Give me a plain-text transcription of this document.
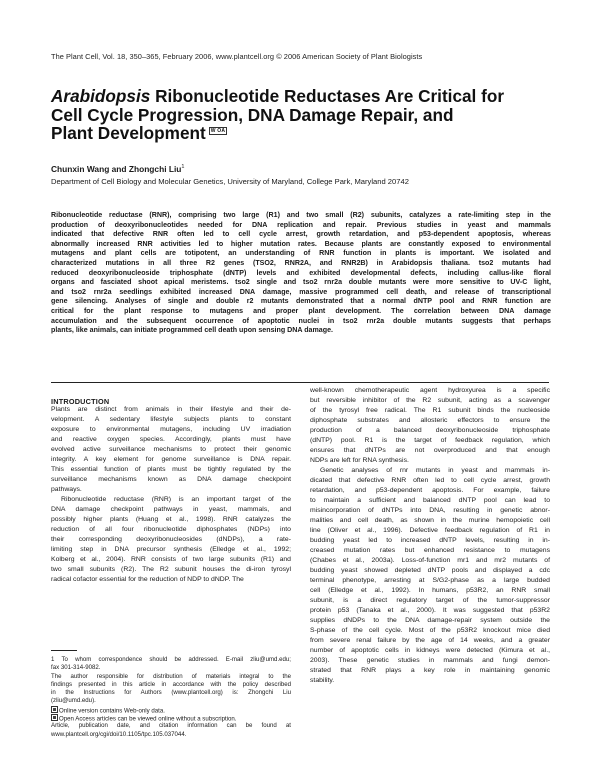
The Plant Cell, Vol. 18, 350–365, February 2006, www.plantcell.org © 2006 American Society of Plant Biologists
Arabidopsis Ribonucleotide Reductases Are Critical for
Cell Cycle Progression, DNA Damage Repair, and
Plant Development W OA
Chunxin Wang and Zhongchi Liu$^1$
Department of Cell Biology and Molecular Genetics, University of Maryland, College Park, Maryland 20742
Ribonucleotide reductase (RNR), comprising two large (R1) and two small (R2) subunits, catalyzes a rate-limiting step in the
production of deoxyribonucleotides needed for DNA replication and repair. Previous studies in yeast and mammals
indicated that defective RNR often led to cell cycle arrest, growth retardation, and p53-dependent apoptosis, whereas
abnormally increased RNR activities led to higher mutation rates. Because plants are constantly exposed to environmental
mutagens and plant cells are totipotent, an understanding of RNR function in plants is important. We isolated and
characterized mutations in all three R2 genes (TSO2, RNR2A, and RNR2B) in Arabidopsis thaliana. tso2 mutants had
reduced deoxyribonucleoside triphosphate (dNTP) levels and exhibited developmental defects, including callus-like floral
organs and fasciated shoot apical meristems. tso2 single and tso2 rnr2a double mutants were more sensitive to UV-C light,
and tso2 rnr2a seedlings exhibited increased DNA damage, massive programmed cell death, and release of transcriptional
gene silencing. Analyses of single and double r2 mutants demonstrated that a normal dNTP pool and RNR function are
critical for the plant response to mutagens and proper plant development. The correlation between DNA damage
accumulation and the subsequent occurrence of apoptotic nuclei in tso2 rnr2a double mutants suggests that perhaps
plants, like animals, can initiate programmed cell death upon sensing DNA damage.
INTRODUCTION
Plants are distinct from animals in their lifestyle and their de-
velopment. A sedentary lifestyle subjects plants to constant
exposure to environmental mutagens, including UV irradiation
and reactive oxygen species. Accordingly, plants must have
evolved active surveillance mechanisms to protect their genomic
integrity. A key element for genome surveillance is DNA repair.
This essential function of plants must be tightly regulated by the
surveillance mechanisms known as DNA damage checkpoint
pathways.
Ribonucleotide reductase (RNR) is an important target of the
DNA damage checkpoint pathways in yeast, mammals, and
possibly higher plants (Huang et al., 1998). RNR catalyzes the
reduction of all four ribonucleotide diphosphates (NDPs) into
their corresponding deoxyribonucleosides (dNDPs), a rate-
limiting step in DNA precursor synthesis (Elledge et al., 1992;
Kolberg et al., 2004). RNR consists of two large subunits (R1) and
two small subunits (R2). The R2 subunit houses the di-iron tyrosyl
radical cofactor essential for the reduction of NDP to dNDP. The
1 To whom correspondence should be addressed. E-mail zliu@umd.edu;
fax 301-314-9082.
The author responsible for distribution of materials integral to the
findings presented in this article in accordance with the policy described
in the Instructions for Authors (www.plantcell.org) is: Zhongchi Liu
(zliu@umd.edu).
Online version contains Web-only data.
Open Access articles can be viewed online without a subscription.
Article, publication date, and citation information can be found at
www.plantcell.org/cgi/doi/10.1105/tpc.105.037044.
well-known chemotherapeutic agent hydroxyurea is a specific
but reversible inhibitor of the R2 subunit, acting as a scavenger
of the tyrosyl free radical. The R1 subunit binds the nucleoside
diphosphate substrates and allosteric effectors to ensure the
production of a balanced deoxyribonucleoside triphosphate
(dNTP) pool. R1 is the target of feedback regulation, which
ensures that dNTPs are not overproduced and that enough
NDPs are left for RNA synthesis.
Genetic analyses of rnr mutants in yeast and mammals in-
dicated that defective RNR often led to cell cycle arrest, growth
retardation, and p53-dependent apoptosis. For example, failure
to maintain a sufficient and balanced dNTP pool can lead to
misincorporation of dNTPs into DNA, resulting in genetic abnor-
malities and cell death, as shown in the murine hemopoietic cell
line (Oliver et al., 1996). Defective feedback regulation of R1 in
budding yeast led to increased dNTP levels, resulting in in-
creased mutation rates but enhanced resistance to mutagens
(Chabes et al., 2003a). Loss-of-function mr1 and mr2 mutants of
budding yeast showed depleted dNTP pools and displayed a cdc
terminal phenotype, arresting at S/G2-phase as a large budded
cell (Elledge et al., 1992). In humans, p53R2, an RNR small
subunit, is a direct regulatory target of the tumor-suppressor
protein p53 (Tanaka et al., 2000). It was suggested that p53R2
supplies dNDPs to the DNA damage-repair system outside the
S-phase of the cell cycle. Most of the p53R2 knockout mice died
from severe renal failure by the age of 14 weeks, and a greater
number of apoptotic cells in kidneys were detected (Kimura et al.,
2003). These genetic studies in mammals and fungi demon-
strated that RNR plays a key role in maintaining genomic
stability.
